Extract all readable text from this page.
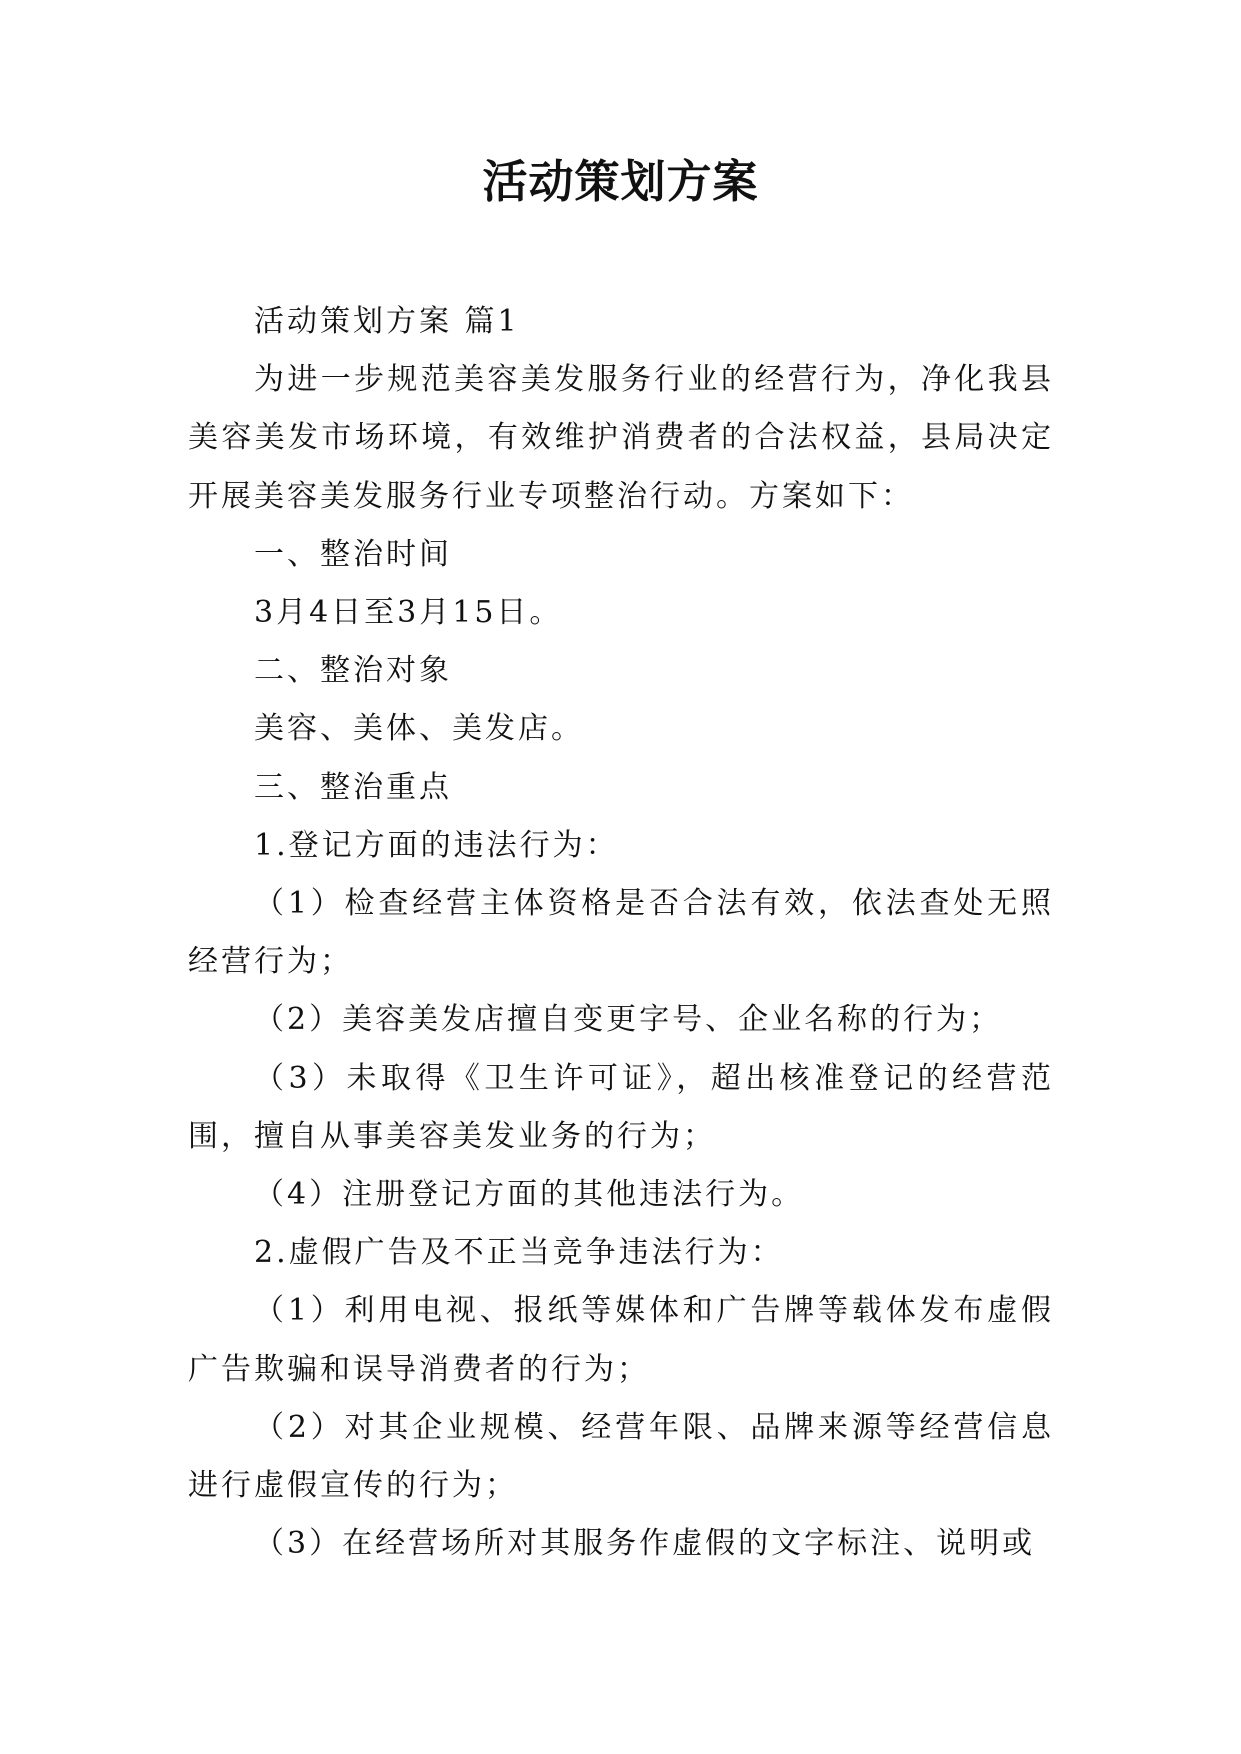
活动策划方案

活动策划方案 篇1

为进一步规范美容美发服务行业的经营行为，净化我县美容美发市场环境，有效维护消费者的合法权益，县局决定开展美容美发服务行业专项整治行动。方案如下：

一、整治时间

3月4日至3月15日。

二、整治对象

美容、美体、美发店。

三、整治重点

1.登记方面的违法行为：

（1）检查经营主体资格是否合法有效，依法查处无照经营行为；

（2）美容美发店擅自变更字号、企业名称的行为；

（3）未取得《卫生许可证》，超出核准登记的经营范围，擅自从事美容美发业务的行为；

（4）注册登记方面的其他违法行为。

2.虚假广告及不正当竞争违法行为：

（1）利用电视、报纸等媒体和广告牌等载体发布虚假广告欺骗和误导消费者的行为；

（2）对其企业规模、经营年限、品牌来源等经营信息进行虚假宣传的行为；

（3）在经营场所对其服务作虚假的文字标注、说明或
